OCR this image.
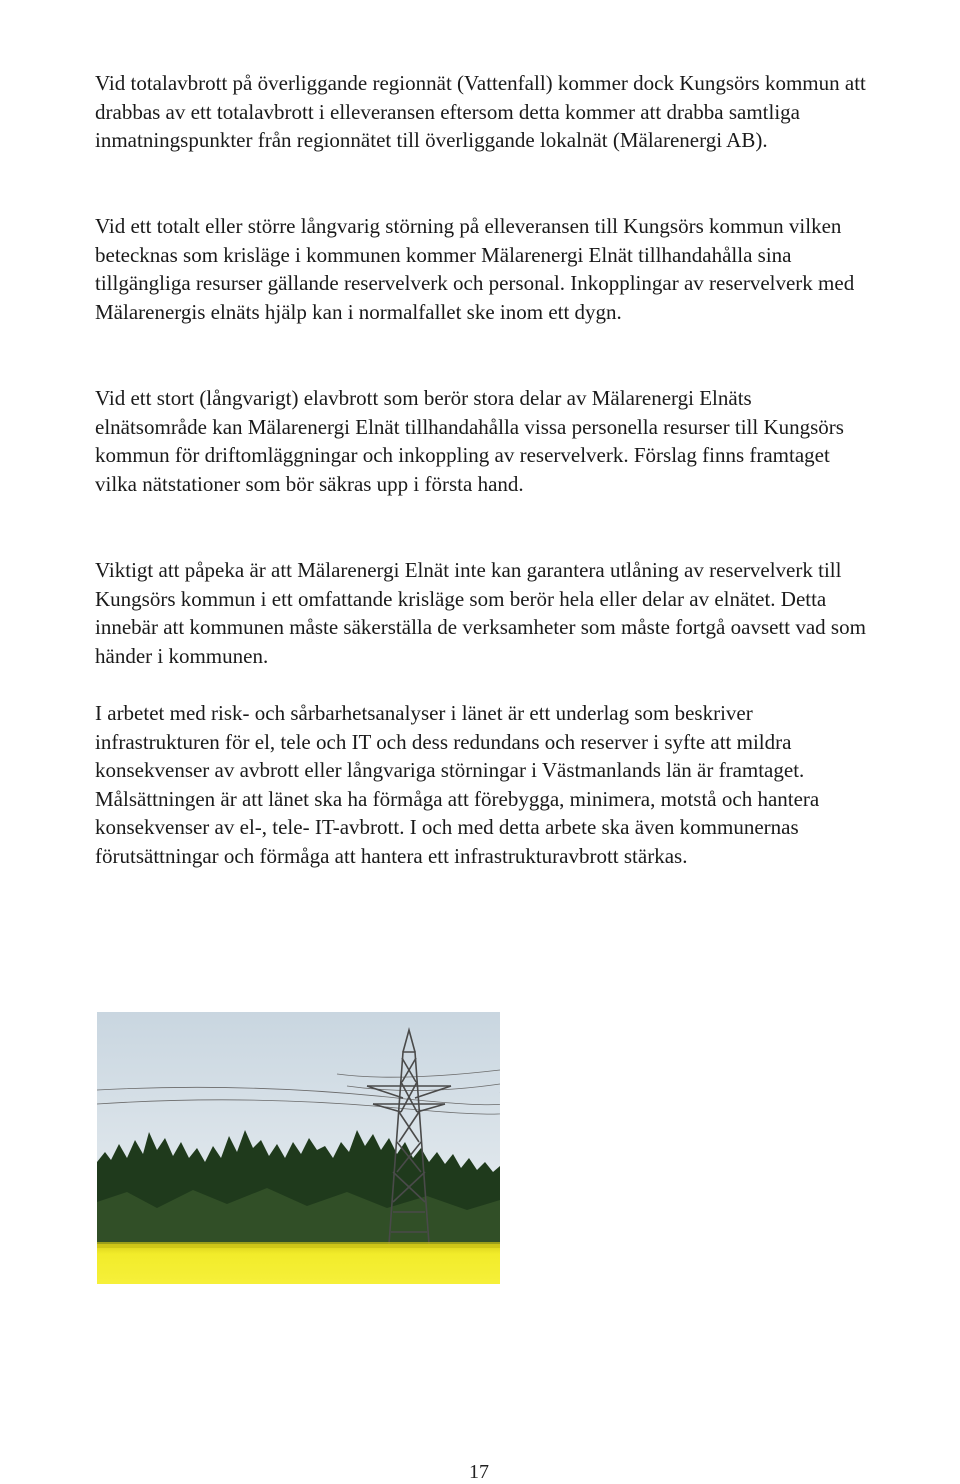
Vid totalavbrott på överliggande regionnät (Vattenfall) kommer dock Kungsörs kommun att drabbas av ett totalavbrott i elleveransen eftersom detta kommer att drabba samtliga inmatningspunkter från regionnätet till överliggande lokalnät (Mälarenergi AB).

Vid ett totalt eller större långvarig störning på elleveransen till Kungsörs kommun vilken betecknas som krisläge i kommunen kommer Mälarenergi Elnät tillhandahålla sina tillgängliga resurser gällande reservelverk och personal. Inkopplingar av reservelverk med Mälarenergis elnäts hjälp kan i normalfallet ske inom ett dygn.

Vid ett stort (långvarigt) elavbrott som berör stora delar av Mälarenergi Elnäts elnätsområde kan Mälarenergi Elnät tillhandahålla vissa personella resurser till Kungsörs kommun för driftomläggningar och inkoppling av reservelverk. Förslag finns framtaget vilka nätstationer som bör säkras upp i första hand.

Viktigt att påpeka är att Mälarenergi Elnät inte kan garantera utlåning av reservelverk till Kungsörs kommun i ett omfattande krisläge som berör hela eller delar av elnätet. Detta innebär att kommunen måste säkerställa de verksamheter som måste fortgå oavsett vad som händer i kommunen.

I arbetet med risk- och sårbarhetsanalyser i länet är ett underlag som beskriver infrastrukturen för el, tele och IT och dess redundans och reserver i syfte att mildra konsekvenser av avbrott eller långvariga störningar i Västmanlands län är framtaget. Målsättningen är att länet ska ha förmåga att förebygga, minimera, motstå och hantera konsekvenser av el-, tele- IT-avbrott. I och med detta arbete ska även kommunernas förutsättningar och förmåga att hantera ett infrastrukturavbrott stärkas.

17
